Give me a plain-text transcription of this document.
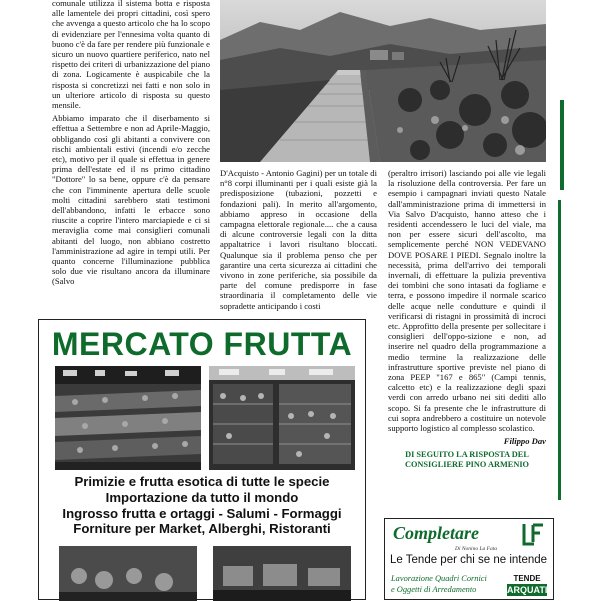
comunale utilizza il sistema botta e risposta alle lamentele dei propri cittadini, così spero che avvenga a questo articolo che ha lo scopo di evidenziare per l'ennesima volta quanto di buono c'è da fare per rendere più funzionale e sicuro un nuovo quartiere periferico, nato nel rispetto dei criteri di urbanizzazione del piano di zona. Logicamente è auspicabile che la risposta si concretizzi nei fatti e non solo in un ulteriore articolo di risposta su questo mensile.

Abbiamo imparato che il diserbamento si effettua a Settembre e non ad Aprile-Maggio, obbligando così gli abitanti a convivere con rischi ambientali estivi (incendi e/o zecche etc), motivo per il quale si effettua in genere prima dell'estate ed il ns primo cittadino "Dottore" lo sa bene, oppure c'è da pensare che con l'imminente apertura delle scuole molti cittadini sarebbero stati testimoni dell'abbandono, infatti le erbacce sono riuscite a coprire l'intero marciapiede e ci si meraviglia come mai consiglieri comunali abitanti del luogo, non abbiano costretto l'amministrazione ad agire in tempi utili. Per quanto concerne l'illuminazione pubblica solo due vie risultano ancora da illuminare (Salvo

D'Acquisto - Antonio Gagini) per un totale di n°8 corpi illuminanti per i quali esiste già la predisposizione (tubazioni, pozzetti e fondazioni pali). In merito all'argomento, abbiamo appreso in occasione della campagna elettorale regionale.... che a causa di alcune controversie legali con la ditta appaltatrice i lavori risultano bloccati. Qualunque sia il problema penso che per garantire una certa sicurezza ai cittadini che vivono in zone periferiche, sia possibile da parte del comune predisporre in fase straordinaria il completamento delle vie sopradette anticipando i costi

(peraltro irrisori) lasciando poi alle vie legali la risoluzione della controversia. Per fare un esempio i campagnari inviati questo Natale dall'amministrazione prima di immettersi in Via Salvo D'acquisto, hanno atteso che i residenti accendessero le luci del viale, ma non per essere sicuri dell'ascolto, ma semplicemente perché NON VEDEVANO DOVE POSARE I PIEDI. Segnalo inoltre la necessità, prima dell'arrivo dei temporali invernali, di effettuare la pulizia preventiva dei tombini che sono intasati da fogliame e terra, e possono impedire il normale scarico delle acque nelle condutture e quindi il verificarsi di ristagni in prossimità di incroci etc. Approfitto della presente per sollecitare i consiglieri dell'oppo-sizione e non, ad inserire nel quadro della programmazione a medio termine la realizzazione delle infrastrutture sportive previste nel piano di zona PEEP "167 e 865" (Campi tennis, calcetto etc) e la realizzazione degli spazi verdi con arredo urbano nei siti dediti allo scopo. Si fa presente che le infrastrutture di cui sopra andrebbero a costituire un notevole supporto logistico al complesso scolastico.

Filippo Dav
DI SEGUITO LA RISPOSTA DEL CONSIGLIERE PINO ARMENIO
MERCATO FRUTTA
Primizie e frutta esotica di tutte le specie
Importazione da tutto il mondo
Ingrosso frutta e ortaggi - Salumi - Formaggi
Forniture per Market, Alberghi, Ristoranti	Completare
Di Nonino La Fata
LF
Le Tende per chi se ne intende
Lavorazione Quadri Cornici
e Oggetti di Arredamento
TENDE
ARQUATI
